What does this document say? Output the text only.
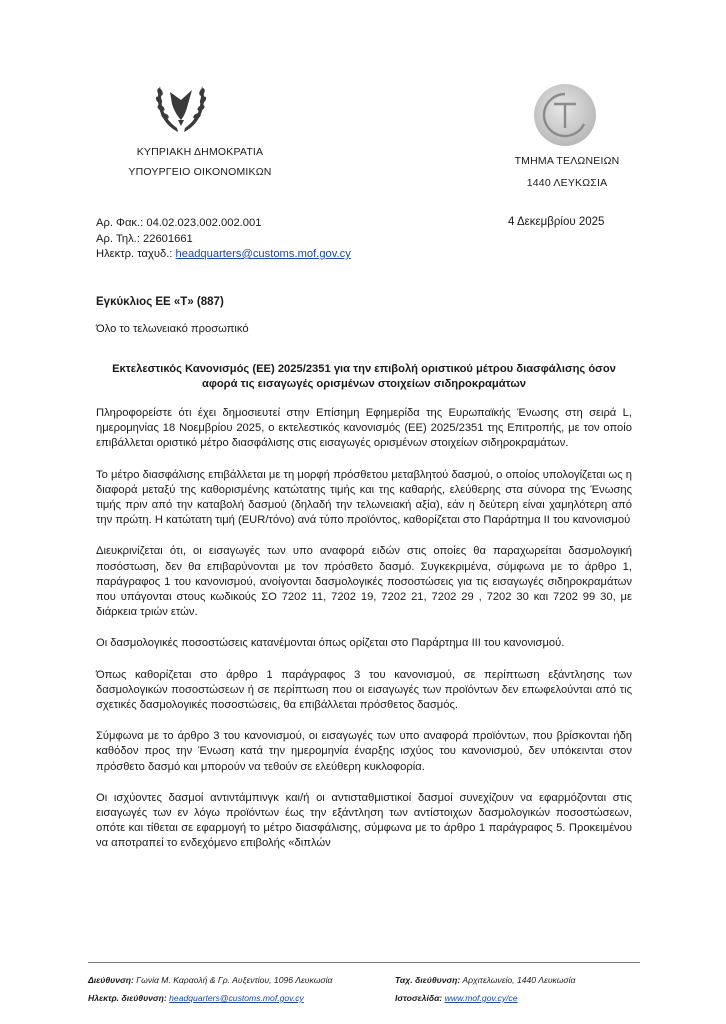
ΚΥΠΡΙΑΚΗ ΔΗΜΟΚΡΑΤΙΑ
ΥΠΟΥΡΓΕΙΟ ΟΙΚΟΝΟΜΙΚΩΝ
ΤΜΗΜΑ ΤΕΛΩΝΕΙΩΝ
1440 ΛΕΥΚΩΣΙΑ
Αρ. Φακ.: 04.02.023.002.002.001
Αρ. Τηλ.: 22601661
Ηλεκτρ. ταχυδ.: headquarters@customs.mof.gov.cy
4 Δεκεμβρίου 2025
Εγκύκλιος ΕΕ «Τ» (887)
Όλο το τελωνειακό προσωπικό
Εκτελεστικός Κανονισμός (ΕΕ) 2025/2351 για την επιβολή οριστικού μέτρου διασφάλισης όσον αφορά τις εισαγωγές ορισμένων στοιχείων σιδηροκραμάτων

Πληροφορείστε ότι έχει δημοσιευτεί στην Επίσημη Εφημερίδα της Ευρωπαϊκής Ένωσης στη σειρά L, ημερομηνίας 18 Νοεμβρίου 2025, ο εκτελεστικός κανονισμός (ΕΕ) 2025/2351 της Επιτροπής, με τον οποίο επιβάλλεται οριστικό μέτρο διασφάλισης στις εισαγωγές ορισμένων στοιχείων σιδηροκραμάτων.

Το μέτρο διασφάλισης επιβάλλεται με τη μορφή πρόσθετου μεταβλητού δασμού, ο οποίος υπολογίζεται ως η διαφορά μεταξύ της καθορισμένης κατώτατης τιμής και της καθαρής, ελεύθερης στα σύνορα της Ένωσης τιμής πριν από την καταβολή δασμού (δηλαδή την τελωνειακή αξία), εάν η δεύτερη είναι χαμηλότερη από την πρώτη. Η κατώτατη τιμή (EUR/τόνο) ανά τύπο προϊόντος, καθορίζεται στο Παράρτημα ΙΙ του κανονισμού

Διευκρινίζεται ότι, οι εισαγωγές των υπο αναφορά ειδών στις οποίες θα παραχωρείται δασμολογική ποσόστωση, δεν θα επιβαρύνονται με τον πρόσθετο δασμό. Συγκεκριμένα, σύμφωνα με το άρθρο 1, παράγραφος 1 του κανονισμού, ανοίγονται δασμολογικές ποσοστώσεις για τις εισαγωγές σιδηροκραμάτων που υπάγονται στους κωδικούς ΣΟ 7202 11, 7202 19, 7202 21, 7202 29 , 7202 30 και 7202 99 30, με διάρκεια τριών ετών.

Οι δασμολογικές ποσοστώσεις κατανέμονται όπως ορίζεται στο Παράρτημα ΙΙΙ του κανονισμού.

Όπως καθορίζεται στο άρθρο 1 παράγραφος 3 του κανονισμού, σε περίπτωση εξάντλησης των δασμολογικών ποσοστώσεων ή σε περίπτωση που οι εισαγωγές των προϊόντων δεν επωφελούνται από τις σχετικές δασμολογικές ποσοστώσεις, θα επιβάλλεται πρόσθετος δασμός.

Σύμφωνα με το άρθρο 3 του κανονισμού, οι εισαγωγές των υπο αναφορά προϊόντων, που βρίσκονται ήδη καθόδον προς την Ένωση κατά την ημερομηνία έναρξης ισχύος του κανονισμού, δεν υπόκεινται στον πρόσθετο δασμό και μπορούν να τεθούν σε ελεύθερη κυκλοφορία.

Οι ισχύοντες δασμοί αντιντάμπινγκ και/ή οι αντισταθμιστικοί δασμοί συνεχίζουν να εφαρμόζονται στις εισαγωγές των εν λόγω προϊόντων έως την εξάντληση των αντίστοιχων δασμολογικών ποσοστώσεων, οπότε και τίθεται σε εφαρμογή το μέτρο διασφάλισης, σύμφωνα με το άρθρο 1 παράγραφος 5. Προκειμένου να αποτραπεί το ενδεχόμενο επιβολής «διπλών

Διεύθυνση: Γωνία Μ. Καραολή & Γρ. Αυξεντίου, 1096 Λευκωσία
Ηλεκτρ. διεύθυνση: headquarters@customs.mof.gov.cy
Ταχ. διεύθυνση: Αρχιτελωνείο, 1440 Λευκωσία
Ιστοσελίδα: www.mof.gov.cy/ce
